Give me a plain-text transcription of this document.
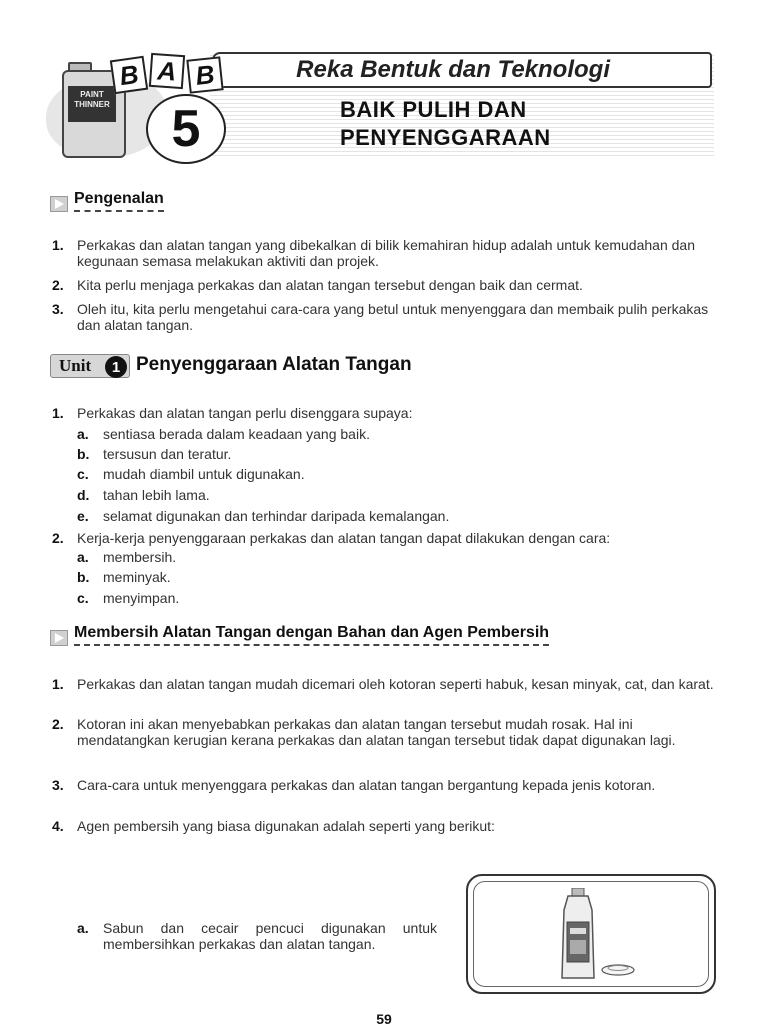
Reka Bentuk dan Teknologi
BAIK PULIH DAN
PENYENGGARAAN
PAINT THINNER
B A B
5
Pengenalan
1. Perkakas dan alatan tangan yang dibekalkan di bilik kemahiran hidup adalah untuk kemudahan dan kegunaan semasa melakukan aktiviti dan projek.
2. Kita perlu menjaga perkakas dan alatan tangan tersebut dengan baik dan cermat.
3. Oleh itu, kita perlu mengetahui cara-cara yang betul untuk menyenggara dan membaik pulih perkakas dan alatan tangan.
Unit	1 Penyenggaraan Alatan Tangan
1. Perkakas dan alatan tangan perlu disenggara supaya:
a.	sentiasa berada dalam keadaan yang baik.
b. tersusun dan teratur.
c.	mudah diambil untuk digunakan.
d. tahan lebih lama.
e.	selamat digunakan dan terhindar daripada kemalangan.
2. Kerja-kerja penyenggaraan perkakas dan alatan tangan dapat dilakukan dengan cara:
a.	membersih.
b. meminyak.
c.	menyimpan.
Membersih Alatan Tangan dengan Bahan dan Agen Pembersih
1. Perkakas dan alatan tangan mudah dicemari oleh kotoran seperti habuk, kesan minyak, cat, dan karat.
2. Kotoran ini akan menyebabkan perkakas dan alatan tangan tersebut mudah rosak. Hal ini mendatangkan kerugian kerana perkakas dan alatan tangan tersebut tidak dapat digunakan lagi.
3. Cara-cara untuk menyenggara perkakas dan alatan tangan bergantung kepada jenis kotoran.
4. Agen pembersih yang biasa digunakan adalah seperti yang berikut:
a.	Sabun dan cecair pencuci digunakan untuk membersihkan perkakas dan alatan tangan.
59
